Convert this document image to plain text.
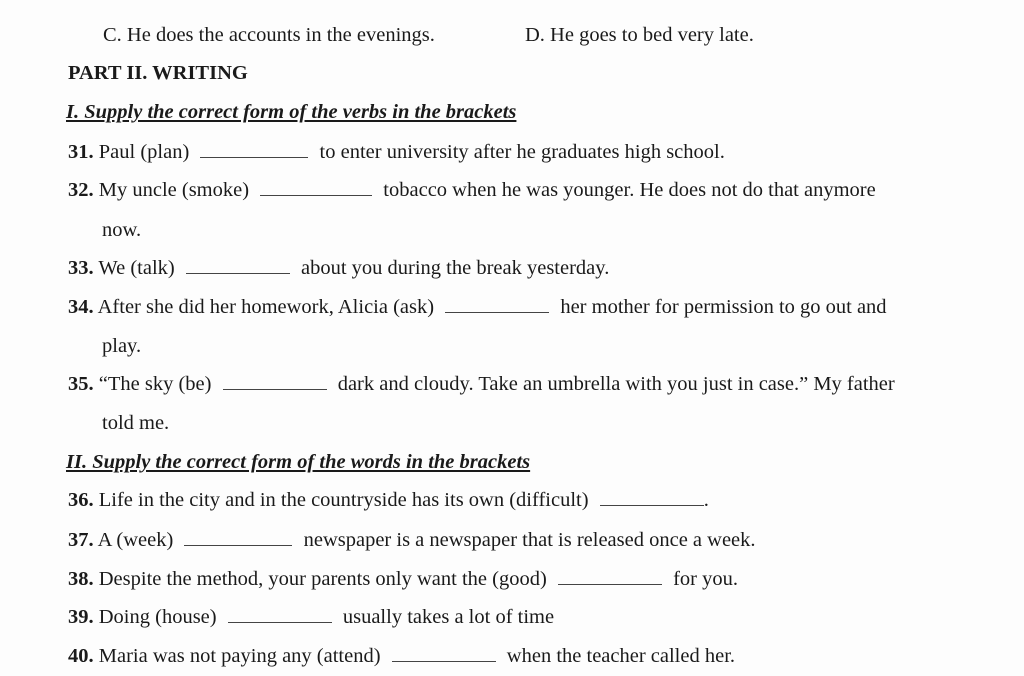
C. He does the accounts in the evenings.	D. He goes to bed very late.
PART II. WRITING
I. Supply the correct form of the verbs in the brackets
31. Paul (plan)	to enter university after he graduates high school.
32. My uncle (smoke)	tobacco when he was younger. He does not do that anymore
now.
33. We (talk)	about you during the break yesterday.
34. After she did her homework, Alicia (ask)	her mother for permission to go out and
play.
35. “The sky (be)	dark and cloudy. Take an umbrella with you just in case.” My father
told me.
II. Supply the correct form of the words in the brackets
36. Life in the city and in the countryside has its own (difficult)	.
37. A (week)	newspaper is a newspaper that is released once a week.
38. Despite the method, your parents only want the (good)	for you.
39. Doing (house)	usually takes a lot of time
40. Maria was not paying any (attend)	when the teacher called her.
